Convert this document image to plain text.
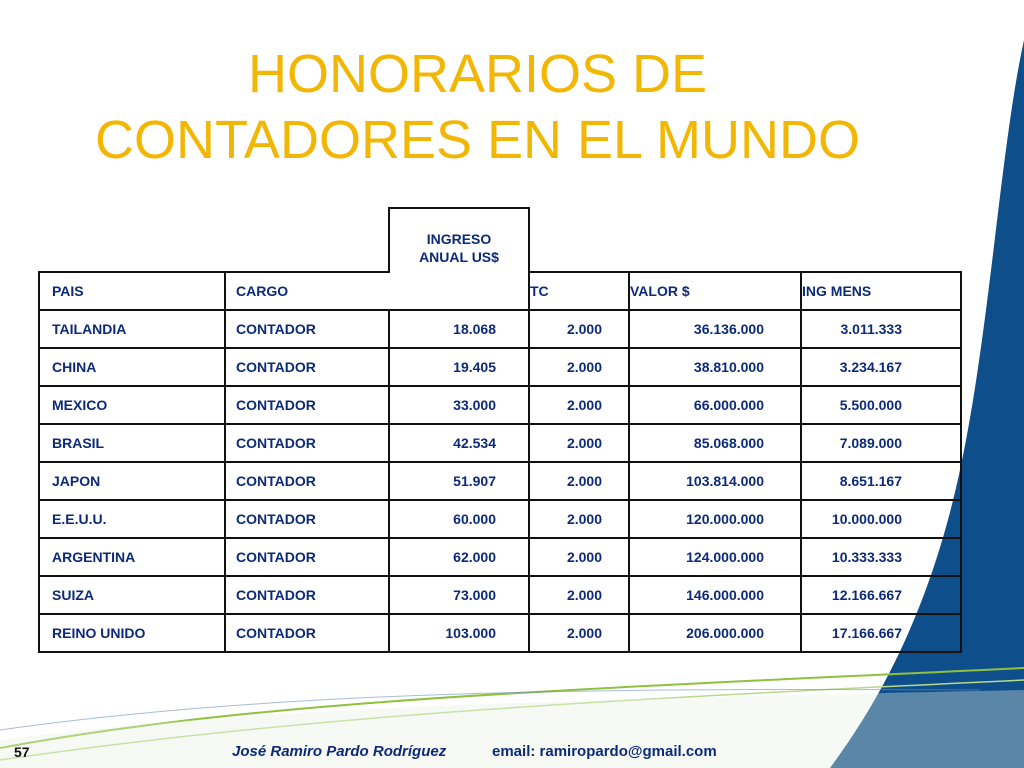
HONORARIOS DE
CONTADORES EN EL MUNDO
		INGRESO
ANUAL US$			
PAIS	CARGO		TC	VALOR $	ING MENS
TAILANDIA	CONTADOR	18.068	2.000	36.136.000	3.011.333
CHINA	CONTADOR	19.405	2.000	38.810.000	3.234.167
MEXICO	CONTADOR	33.000	2.000	66.000.000	5.500.000
BRASIL	CONTADOR	42.534	2.000	85.068.000	7.089.000
JAPON	CONTADOR	51.907	2.000	103.814.000	8.651.167
E.E.U.U.	CONTADOR	60.000	2.000	120.000.000	10.000.000
ARGENTINA	CONTADOR	62.000	2.000	124.000.000	10.333.333
SUIZA	CONTADOR	73.000	2.000	146.000.000	12.166.667
REINO UNIDO	CONTADOR	103.000	2.000	206.000.000	17.166.667
57	José Ramiro Pardo Rodríguez	email: ramiropardo@gmail.com
